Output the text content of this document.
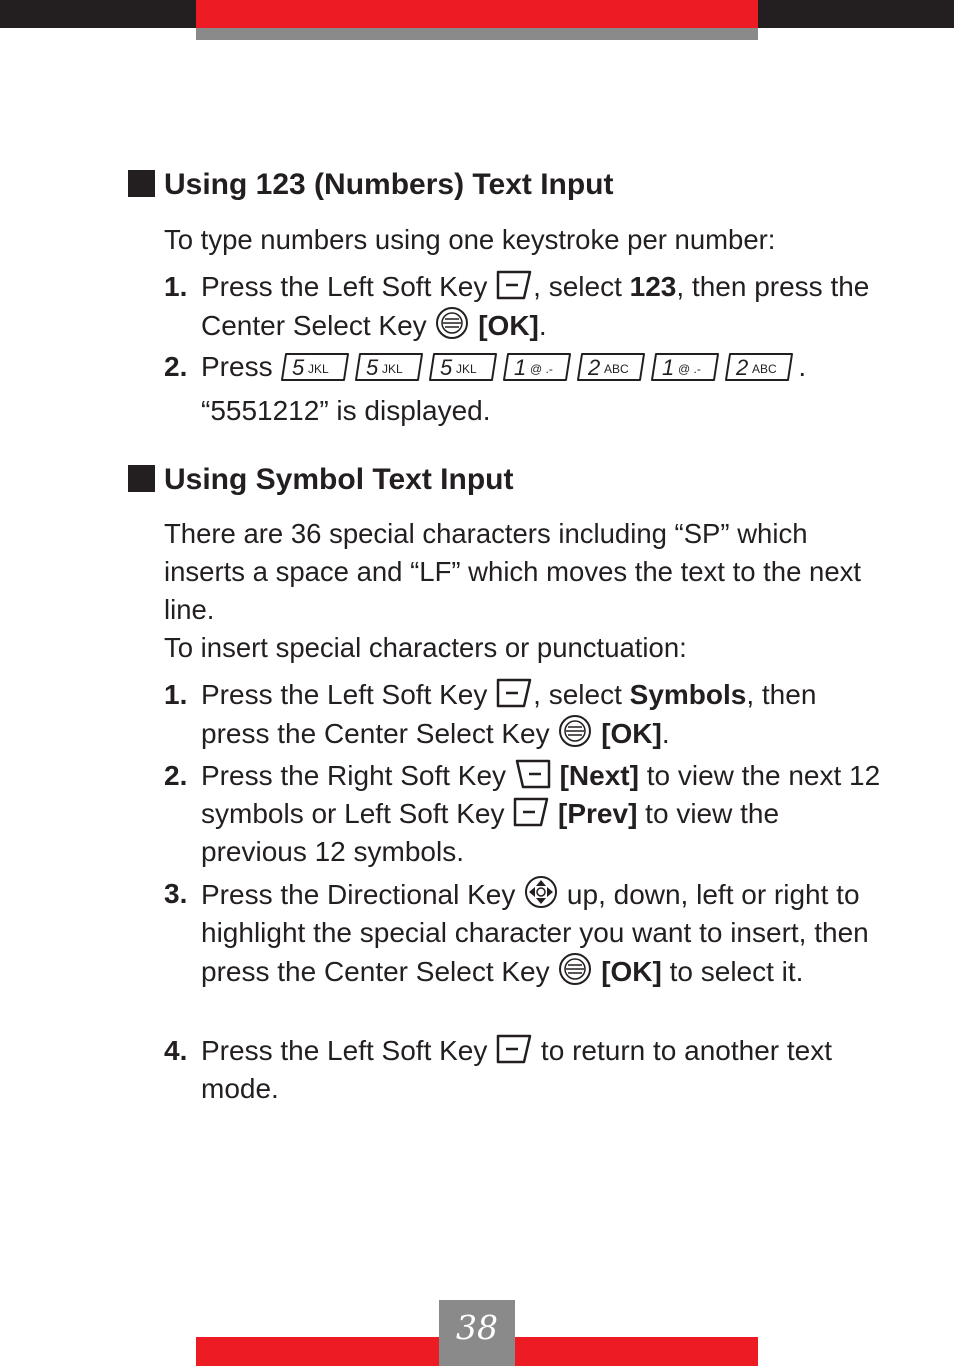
Using 123 (Numbers) Text Input
To type numbers using one keystroke per number:
1. Press the Left Soft Key
, select 123, then press the Center Select Key
[OK].
2. Press 5 JKL 5 JKL 5 JKL 1 @ .- 2 ABC 1 @ .- 2 ABC .
“5551212” is displayed.
Using Symbol Text Input
There are 36 special characters including “SP” which inserts a space and “LF” which moves the text to the next line.
To insert special characters or punctuation:
1. Press the Left Soft Key
, select Symbols, then press the Center Select Key
[OK].
2. Press the Right Soft Key
[Next] to view the next 12 symbols or Left Soft Key
[Prev] to view the previous 12 symbols.
3. Press the Directional Key
up, down, left or right to highlight the special character you want to insert, then press the Center Select Key
[OK] to select it.
4. Press the Left Soft Key
to return to another text mode.
38
